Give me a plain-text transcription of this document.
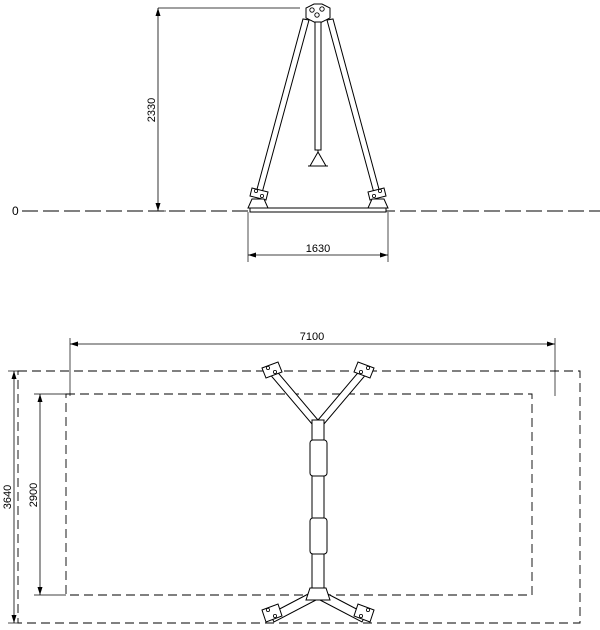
2330
1630
0
7100
3640 2900
